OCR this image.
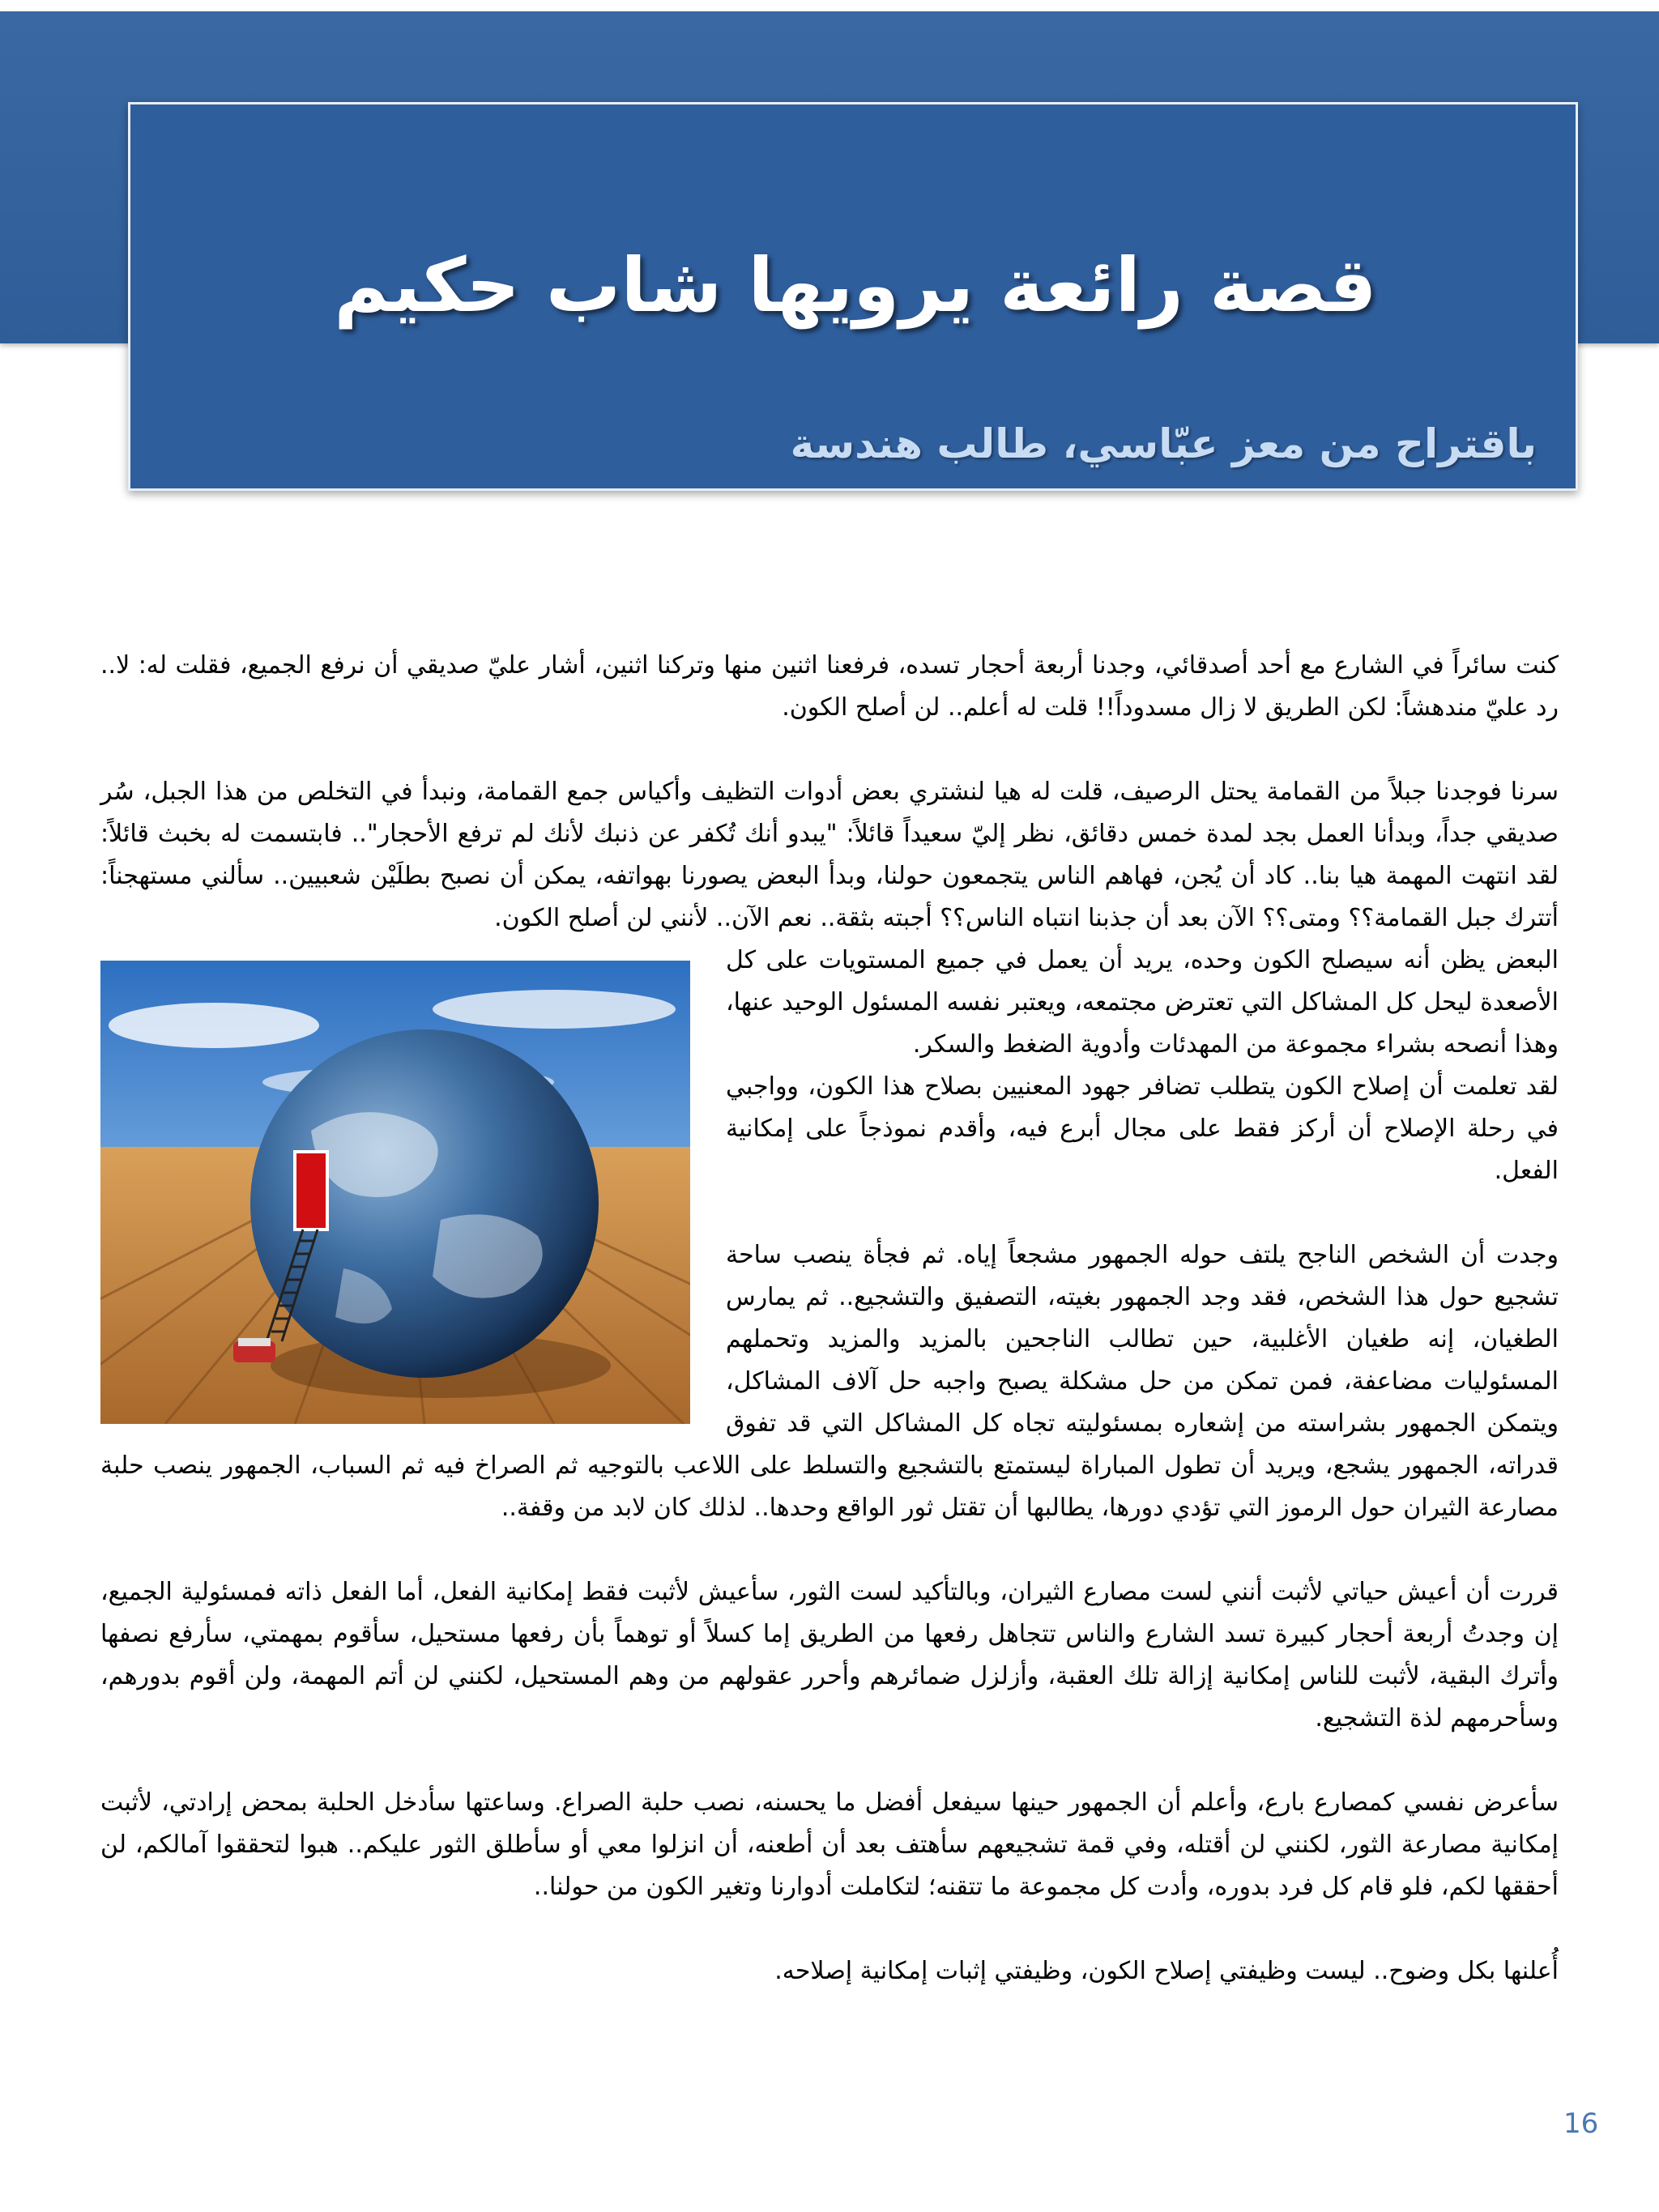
قصة رائعة يرويها شاب حكيم
باقتراح من معز عبّاسي، طالب هندسة

كنت سائراً في الشارع مع أحد أصدقائي، وجدنا أربعة أحجار تسده، فرفعنا اثنين منها وتركنا اثنين، أشار عليّ صديقي أن نرفع الجميع، فقلت له: لا.. رد عليّ مندهشاً: لكن الطريق لا زال مسدوداً!! قلت له أعلم.. لن أصلح الكون.

سرنا فوجدنا جبلاً من القمامة يحتل الرصيف، قلت له هيا لنشتري بعض أدوات التظيف وأكياس جمع القمامة، ونبدأ في التخلص من هذا الجبل، سُر صديقي جداً، وبدأنا العمل بجد لمدة خمس دقائق، نظر إليّ سعيداً قائلاً: "يبدو أنك تُكفر عن ذنبك لأنك لم ترفع الأحجار".. فابتسمت له بخبث قائلاً: لقد انتهت المهمة هيا بنا.. كاد أن يُجن، فهاهم الناس يتجمعون حولنا، وبدأ البعض يصورنا بهواتفه، يمكن أن نصبح بطلَيْن شعبيين.. سألني مستهجناً: أتترك جبل القمامة؟؟ ومتى؟؟ الآن بعد أن جذبنا انتباه الناس؟؟ أجبته بثقة.. نعم الآن.. لأنني لن أصلح الكون.

البعض يظن أنه سيصلح الكون وحده، يريد أن يعمل في جميع المستويات على كل الأصعدة ليحل كل المشاكل التي تعترض مجتمعه، ويعتبر نفسه المسئول الوحيد عنها، وهذا أنصحه بشراء مجموعة من المهدئات وأدوية الضغط والسكر.

لقد تعلمت أن إصلاح الكون يتطلب تضافر جهود المعنيين بصلاح هذا الكون، وواجبي في رحلة الإصلاح أن أركز فقط على مجال أبرع فيه، وأقدم نموذجاً على إمكانية الفعل.

وجدت أن الشخص الناجح يلتف حوله الجمهور مشجعاً إياه. ثم فجأة ينصب ساحة تشجيع حول هذا الشخص، فقد وجد الجمهور بغيته، التصفيق والتشجيع.. ثم يمارس الطغيان، إنه طغيان الأغلبية، حين تطالب الناجحين بالمزيد والمزيد وتحملهم المسئوليات مضاعفة، فمن تمكن من حل مشكلة يصبح واجبه حل آلاف المشاكل، ويتمكن الجمهور بشراسته من إشعاره بمسئوليته تجاه كل المشاكل التي قد تفوق قدراته، الجمهور يشجع، ويريد أن تطول المباراة ليستمتع بالتشجيع والتسلط على اللاعب بالتوجيه ثم الصراخ فيه ثم السباب، الجمهور ينصب حلبة مصارعة الثيران حول الرموز التي تؤدي دورها، يطالبها أن تقتل ثور الواقع وحدها.. لذلك كان لابد من وقفة..

قررت أن أعيش حياتي لأثبت أنني لست مصارع الثيران، وبالتأكيد لست الثور، سأعيش لأثبت فقط إمكانية الفعل، أما الفعل ذاته فمسئولية الجميع، إن وجدتُ أربعة أحجار كبيرة تسد الشارع والناس تتجاهل رفعها من الطريق إما كسلاً أو توهماً بأن رفعها مستحيل، سأقوم بمهمتي، سأرفع نصفها وأترك البقية، لأثبت للناس إمكانية إزالة تلك العقبة، وأزلزل ضمائرهم وأحرر عقولهم من وهم المستحيل، لكنني لن أتم المهمة، ولن أقوم بدورهم، وسأحرمهم لذة التشجيع.

سأعرض نفسي كمصارع بارع، وأعلم أن الجمهور حينها سيفعل أفضل ما يحسنه، نصب حلبة الصراع. وساعتها سأدخل الحلبة بمحض إرادتي، لأثبت إمكانية مصارعة الثور، لكنني لن أقتله، وفي قمة تشجيعهم سأهتف بعد أن أطعنه، أن انزلوا معي أو سأطلق الثور عليكم.. هبوا لتحققوا آمالكم، لن أحققها لكم، فلو قام كل فرد بدوره، وأدت كل مجموعة ما تتقنه؛ لتكاملت أدوارنا وتغير الكون من حولنا..

أُعلنها بكل وضوح.. ليست وظيفتي إصلاح الكون، وظيفتي إثبات إمكانية إصلاحه.

16
